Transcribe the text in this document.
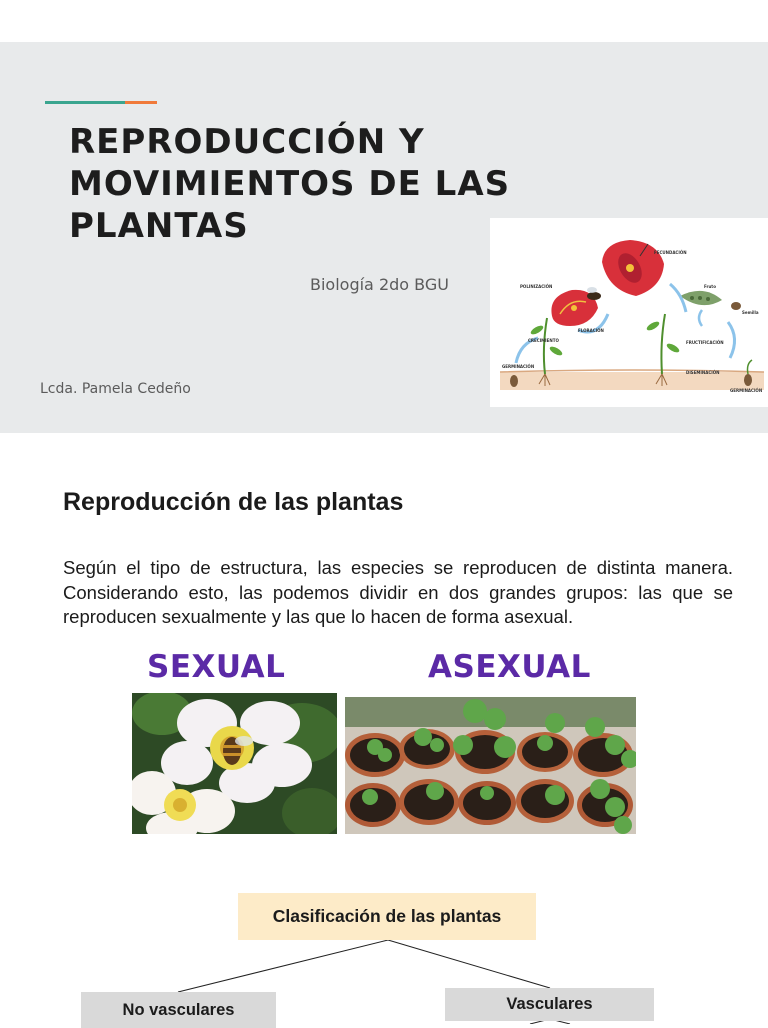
REPRODUCCIÓN Y MOVIMIENTOS DE LAS PLANTAS
Biología 2do BGU
Lcda. Pamela Cedeño
FECUNDACIÓN
Fruto
Semilla
POLINIZACIÓN
FLORACIÓN
CRECIMIENTO	FRUCTIFICACIÓN
GERMINACIÓN
DISEMINACIÓN
GERMINACIÓN
Reproducción de las plantas

Según el tipo de estructura, las especies se reproducen de distinta manera. Considerando esto, las podemos dividir en dos grandes grupos: las que se reproducen sexualmente y las que lo hacen de forma asexual.

SEXUAL	ASEXUAL
Clasificación de las plantas
No vasculares	Vasculares
